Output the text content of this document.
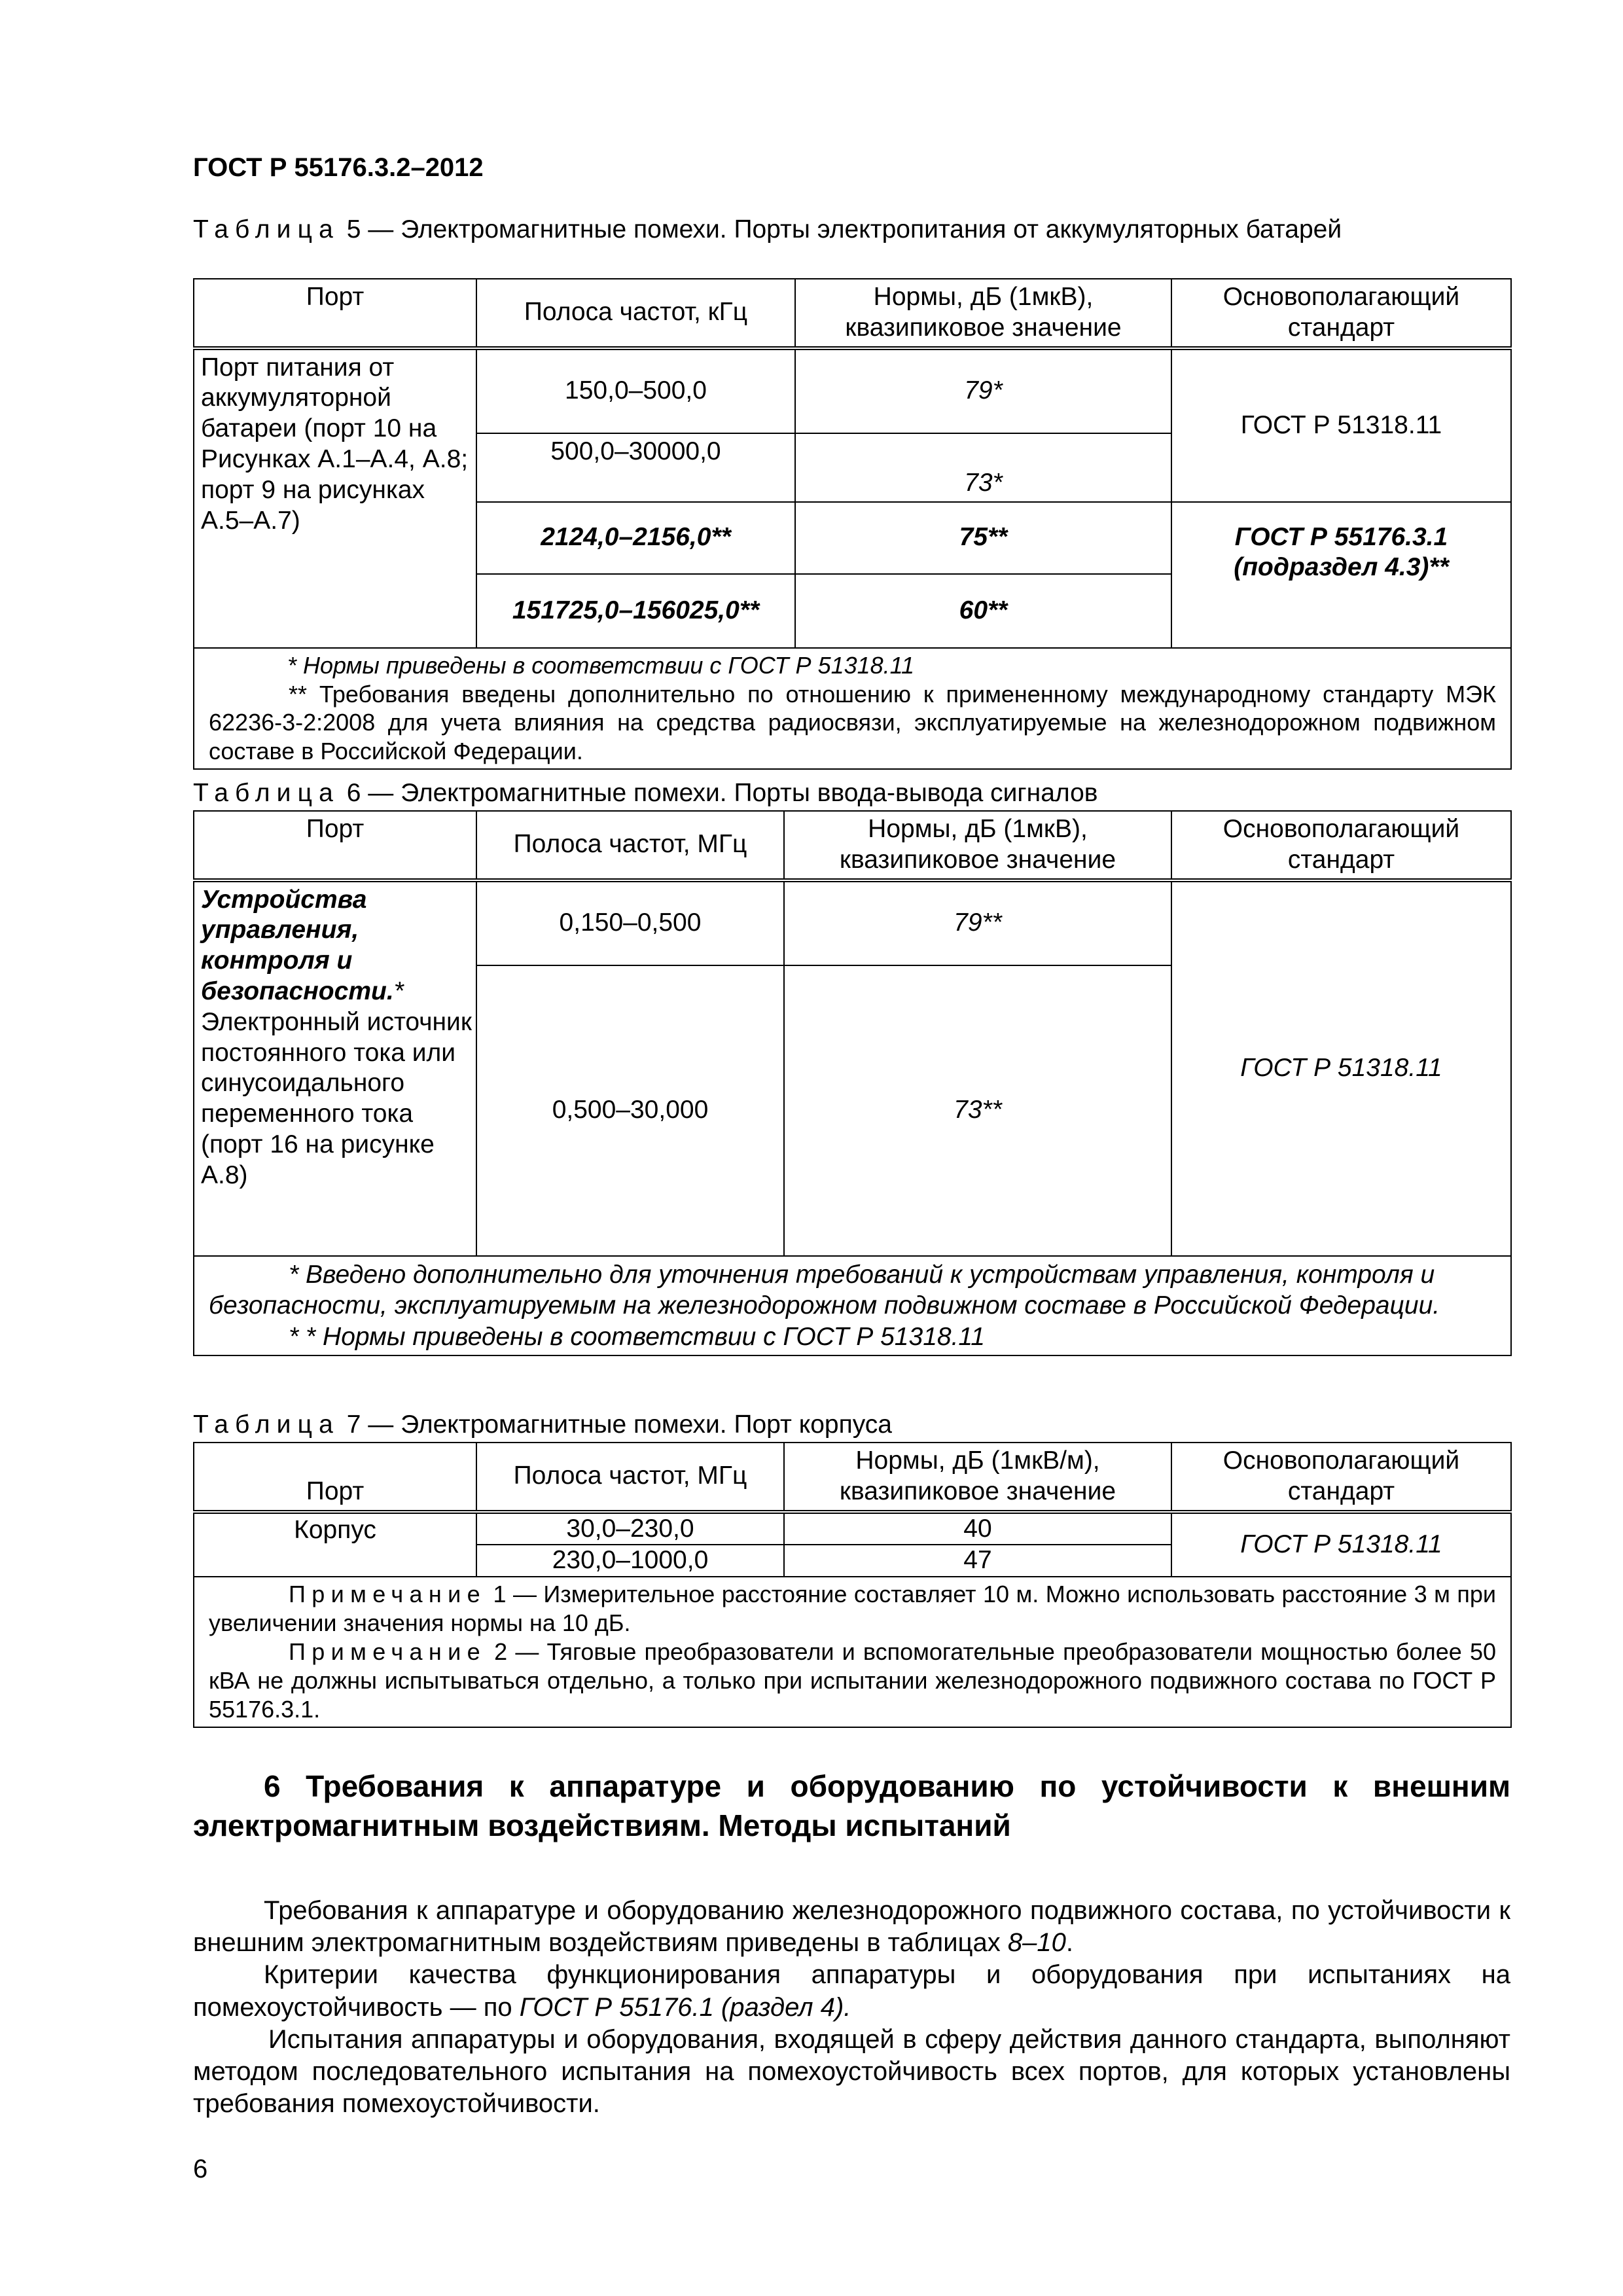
ГОСТ Р 55176.3.2–2012
Таблица 5 — Электромагнитные помехи. Порты электропитания от аккумуляторных батарей
Порт	Полоса частот, кГц	Нормы, дБ (1мкВ), квазипиковое значение	Основополагающий стандарт
Порт питания от аккумуляторной батареи (порт 10 на Рисунках А.1–А.4, А.8; порт 9 на рисунках А.5–А.7)	150,0–500,0	79*	ГОСТ Р 51318.11
	500,0–30000,0	73*	
	2124,0–2156,0**	75**	ГОСТ Р 55176.3.1 (подраздел 4.3)**
	151725,0–156025,0**	60**	

* Нормы приведены в соответствии с ГОСТ Р 51318.11

** Требования введены дополнительно по отношению к примененному международному стандарту МЭК 62236-3-2:2008 для учета влияния на средства радиосвязи, эксплуатируемые на железнодорожном подвижном составе в Российской Федерации.			

Таблица 6 — Электромагнитные помехи. Порты ввода-вывода сигналов
Порт	Полоса частот, МГц	Нормы, дБ (1мкВ), квазипиковое значение	Основополагающий стандарт
Устройства управления, контроля и безопасности.* Электронный источник постоянного тока или синусоидального переменного тока (порт 16 на рисунке А.8)	0,150–0,500	79**	ГОСТ Р 51318.11
	0,500–30,000	73**	

* Введено дополнительно для уточнения требований к устройствам управления, контроля и безопасности, эксплуатируемым на железнодорожном подвижном составе в Российской Федерации.
* * Нормы приведены в соответствии с ГОСТ Р 51318.11			
Таблица 7 — Электромагнитные помехи. Порт корпуса
Порт	Полоса частот, МГц	Нормы, дБ (1мкВ/м), квазипиковое значение	Основополагающий стандарт
Корпус	30,0–230,0	40	ГОСТ Р 51318.11
	230,0–1000,0	47	

Примечание 1 — Измерительное расстояние составляет 10 м. Можно использовать расстояние 3 м при увеличении значения нормы на 10 дБ.

Примечание 2 — Тяговые преобразователи и вспомогательные преобразователи мощностью более 50 кВА не должны испытываться отдельно, а только при испытании железнодорожного подвижного состава по ГОСТ Р 55176.3.1.			

6 Требования к аппаратуре и оборудованию по устойчивости к внешним электромагнитным воздействиям. Методы испытаний

Требования к аппаратуре и оборудованию железнодорожного подвижного состава, по устойчивости к внешним электромагнитным воздействиям приведены в таблицах 8–10.

Критерии качества функционирования аппаратуры и оборудования при испытаниях на помехоустойчивость — по ГОСТ Р 55176.1 (раздел 4).

Испытания аппаратуры и оборудования, входящей в сферу действия данного стандарта, выполняют методом последовательного испытания на помехоустойчивость всех портов, для которых установлены требования помехоустойчивости.

6
